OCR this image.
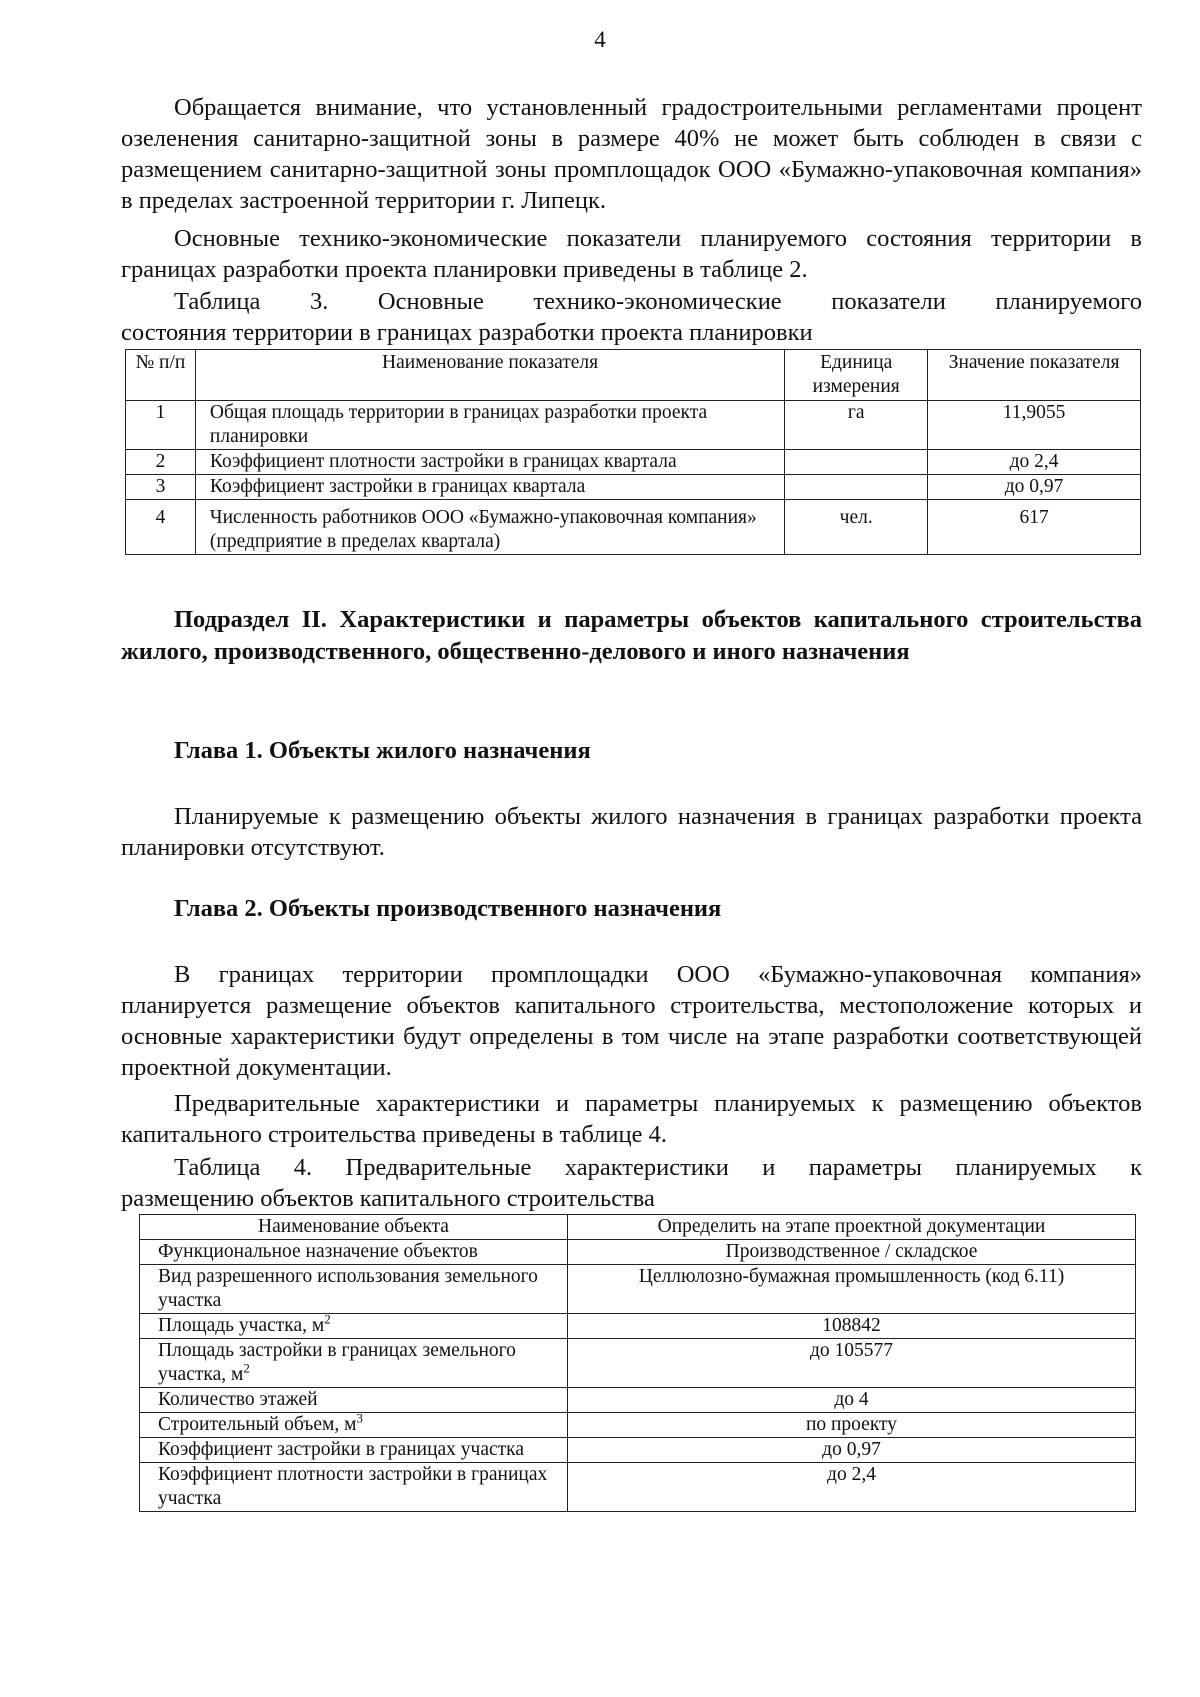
4

Обращается внимание, что установленный градостроительными регламентами процент озеленения санитарно-защитной зоны в размере 40% не может быть соблюден в связи с размещением санитарно-защитной зоны промплощадок ООО «Бумажно-упаковочная компания» в пределах застроенной территории г. Липецк.

Основные технико-экономические показатели планируемого состояния территории в границах разработки проекта планировки приведены в таблице 2.

Таблица 3. Основные технико-экономические показатели планируемого
состояния территории в границах разработки проекта планировки
№ п/п	Наименование показателя	Единица измерения	Значение показателя
1	Общая площадь территории в границах разработки проекта планировки	га	11,9055
2	Коэффициент плотности застройки в границах квартала		до 2,4
3	Коэффициент застройки в границах квартала		до 0,97
4	Численность работников ООО «Бумажно-упаковочная компания» (предприятие в пределах квартала)	чел.	617
Подраздел II. Характеристики и параметры объектов капитального строительства жилого, производственного, общественно-делового и иного назначения
Глава 1. Объекты жилого назначения

Планируемые к размещению объекты жилого назначения в границах разработки проекта планировки отсутствуют.

Глава 2. Объекты производственного назначения

В границах территории промплощадки ООО «Бумажно-упаковочная компания» планируется размещение объектов капитального строительства, местоположение которых и основные характеристики будут определены в том числе на этапе разработки соответствующей проектной документации.

Предварительные характеристики и параметры планируемых к размещению объектов капитального строительства приведены в таблице 4.

Таблица 4. Предварительные характеристики и параметры планируемых к
размещению объектов капитального строительства
Наименование объекта	Определить на этапе проектной документации
Функциональное назначение объектов	Производственное / складское
Вид разрешенного использования земельного участка	Целлюлозно-бумажная промышленность (код 6.11)
Площадь участка, $м^2$	108842
Площадь застройки в границах земельного участка, $м^2$	до 105577
Количество этажей	до 4
Строительный объем, $м^3$	по проекту
Коэффициент застройки в границах участка	до 0,97
Коэффициент плотности застройки в границах участка	до 2,4
